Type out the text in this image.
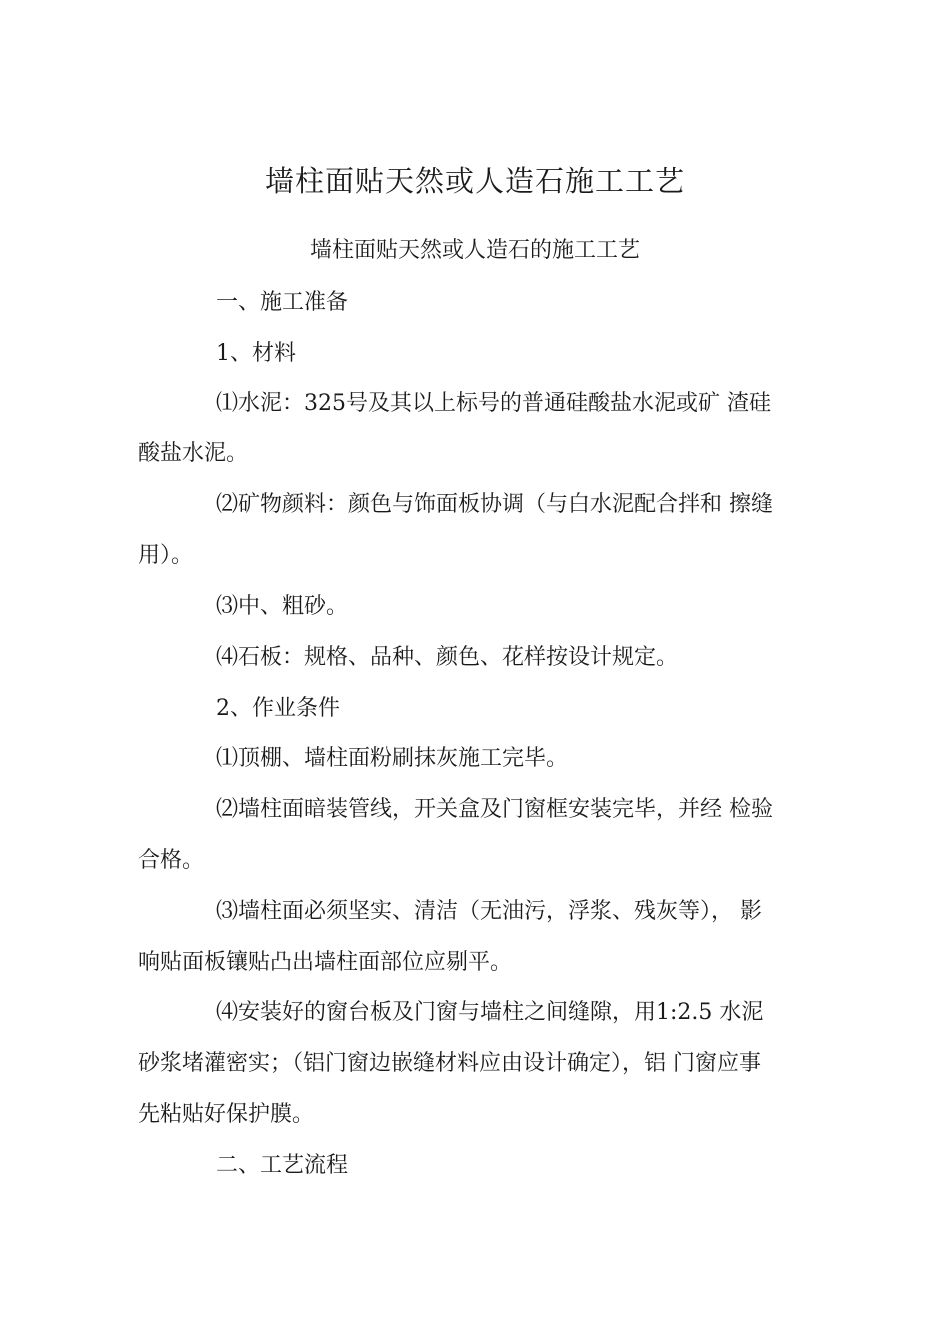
墙柱面贴天然或人造石施工工艺
墙柱面贴天然或人造石的施工工艺
一、施工准备
1、材料
⑴水泥：325号及其以上标号的普通硅酸盐水泥或矿 渣硅
酸盐水泥。
⑵矿物颜料：颜色与饰面板协调（与白水泥配合拌和 擦缝
用）。
⑶中、粗砂。
⑷石板：规格、品种、颜色、花样按设计规定。
2、作业条件
⑴顶棚、墙柱面粉刷抹灰施工完毕。
⑵墙柱面暗装管线，开关盒及门窗框安装完毕，并经 检验
合格。
⑶墙柱面必须坚实、清洁（无油污，浮浆、残灰等）， 影
响贴面板镶贴凸出墙柱面部位应剔平。
⑷安装好的窗台板及门窗与墙柱之间缝隙，用1:2.5 水泥
砂浆堵灌密实；（铝门窗边嵌缝材料应由设计确定），铝 门窗应事
先粘贴好保护膜。
二、工艺流程
